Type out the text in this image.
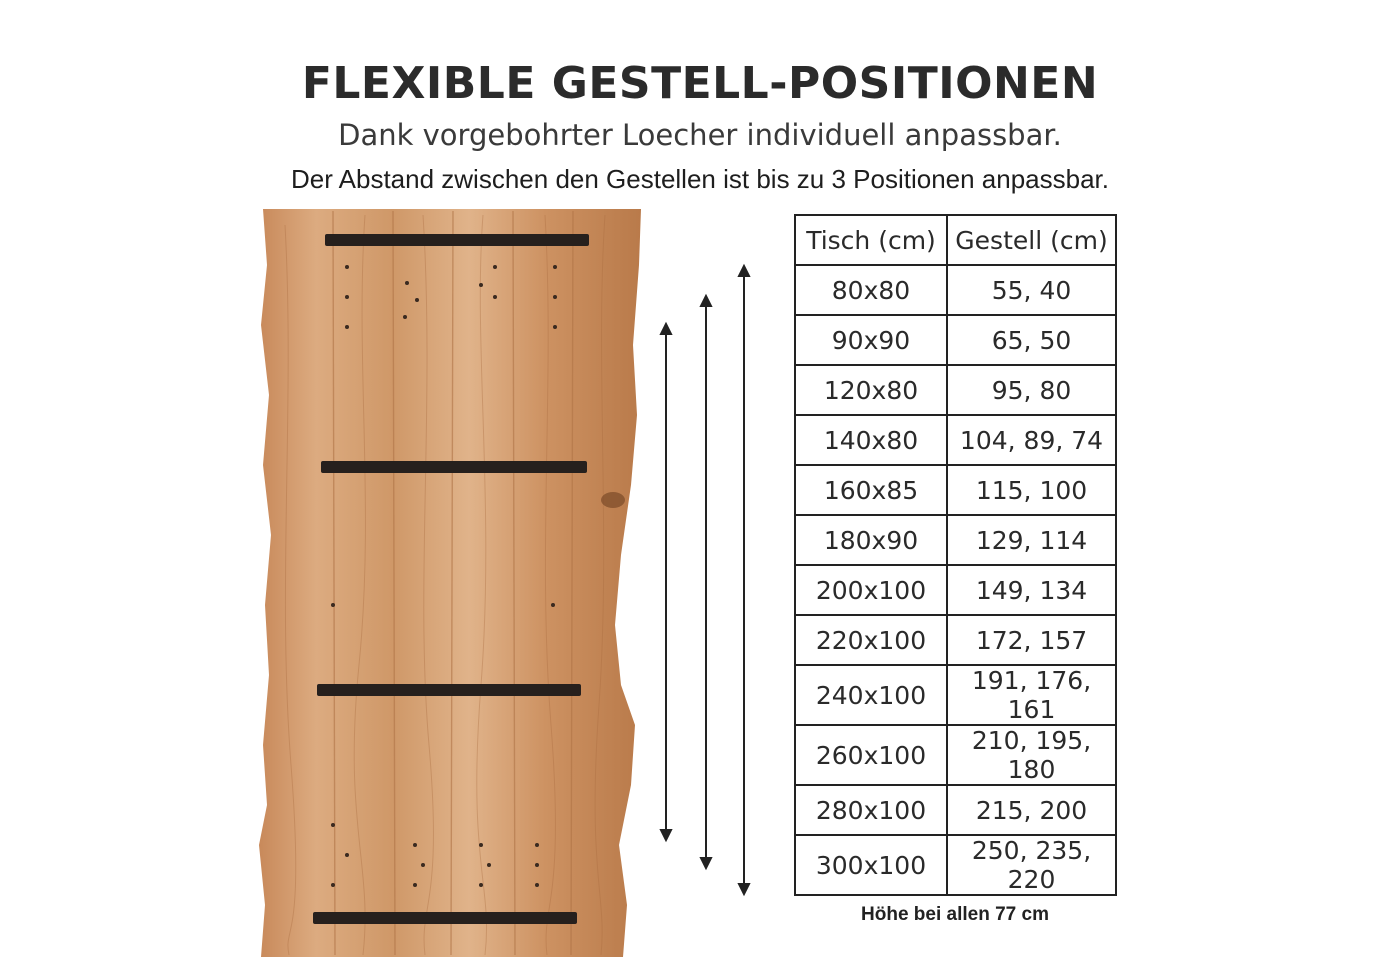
FLEXIBLE GESTELL-POSITIONEN
Dank vorgebohrter Loecher individuell anpassbar.
Der Abstand zwischen den Gestellen ist bis zu 3 Positionen anpassbar.
Tisch (cm)	Gestell (cm)
80x80	55, 40
90x90	65, 50
120x80	95, 80
140x80	104, 89, 74
160x85	115, 100
180x90	129, 114
200x100	149, 134
220x100	172, 157
240x100	191, 176, 161
260x100	210, 195, 180
280x100	215, 200
300x100	250, 235, 220
Höhe bei allen 77 cm
